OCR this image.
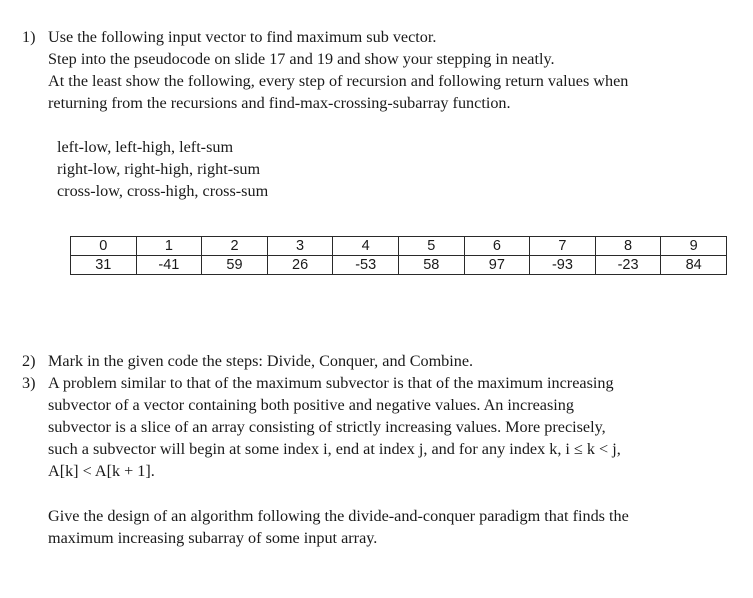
1) Use the following input vector to find maximum sub vector.
Step into the pseudocode on slide 17 and 19 and show your stepping in neatly.
At the least show the following, every step of recursion and following return values when
returning from the recursions and find-max-crossing-subarray function.
left-low, left-high, left-sum
right-low, right-high, right-sum
cross-low, cross-high, cross-sum
0	1	2	3	4	5	6	7	8	9
31	-41	59	26	-53	58	97	-93	-23	84
2) Mark in the given code the steps: Divide, Conquer, and Combine.
3) A problem similar to that of the maximum subvector is that of the maximum increasing
subvector of a vector containing both positive and negative values. An increasing
subvector is a slice of an array consisting of strictly increasing values. More precisely,
such a subvector will begin at some index i, end at index j, and for any index k, i ≤ k < j,
A[k] < A[k + 1].
Give the design of an algorithm following the divide-and-conquer paradigm that finds the
maximum increasing subarray of some input array.
